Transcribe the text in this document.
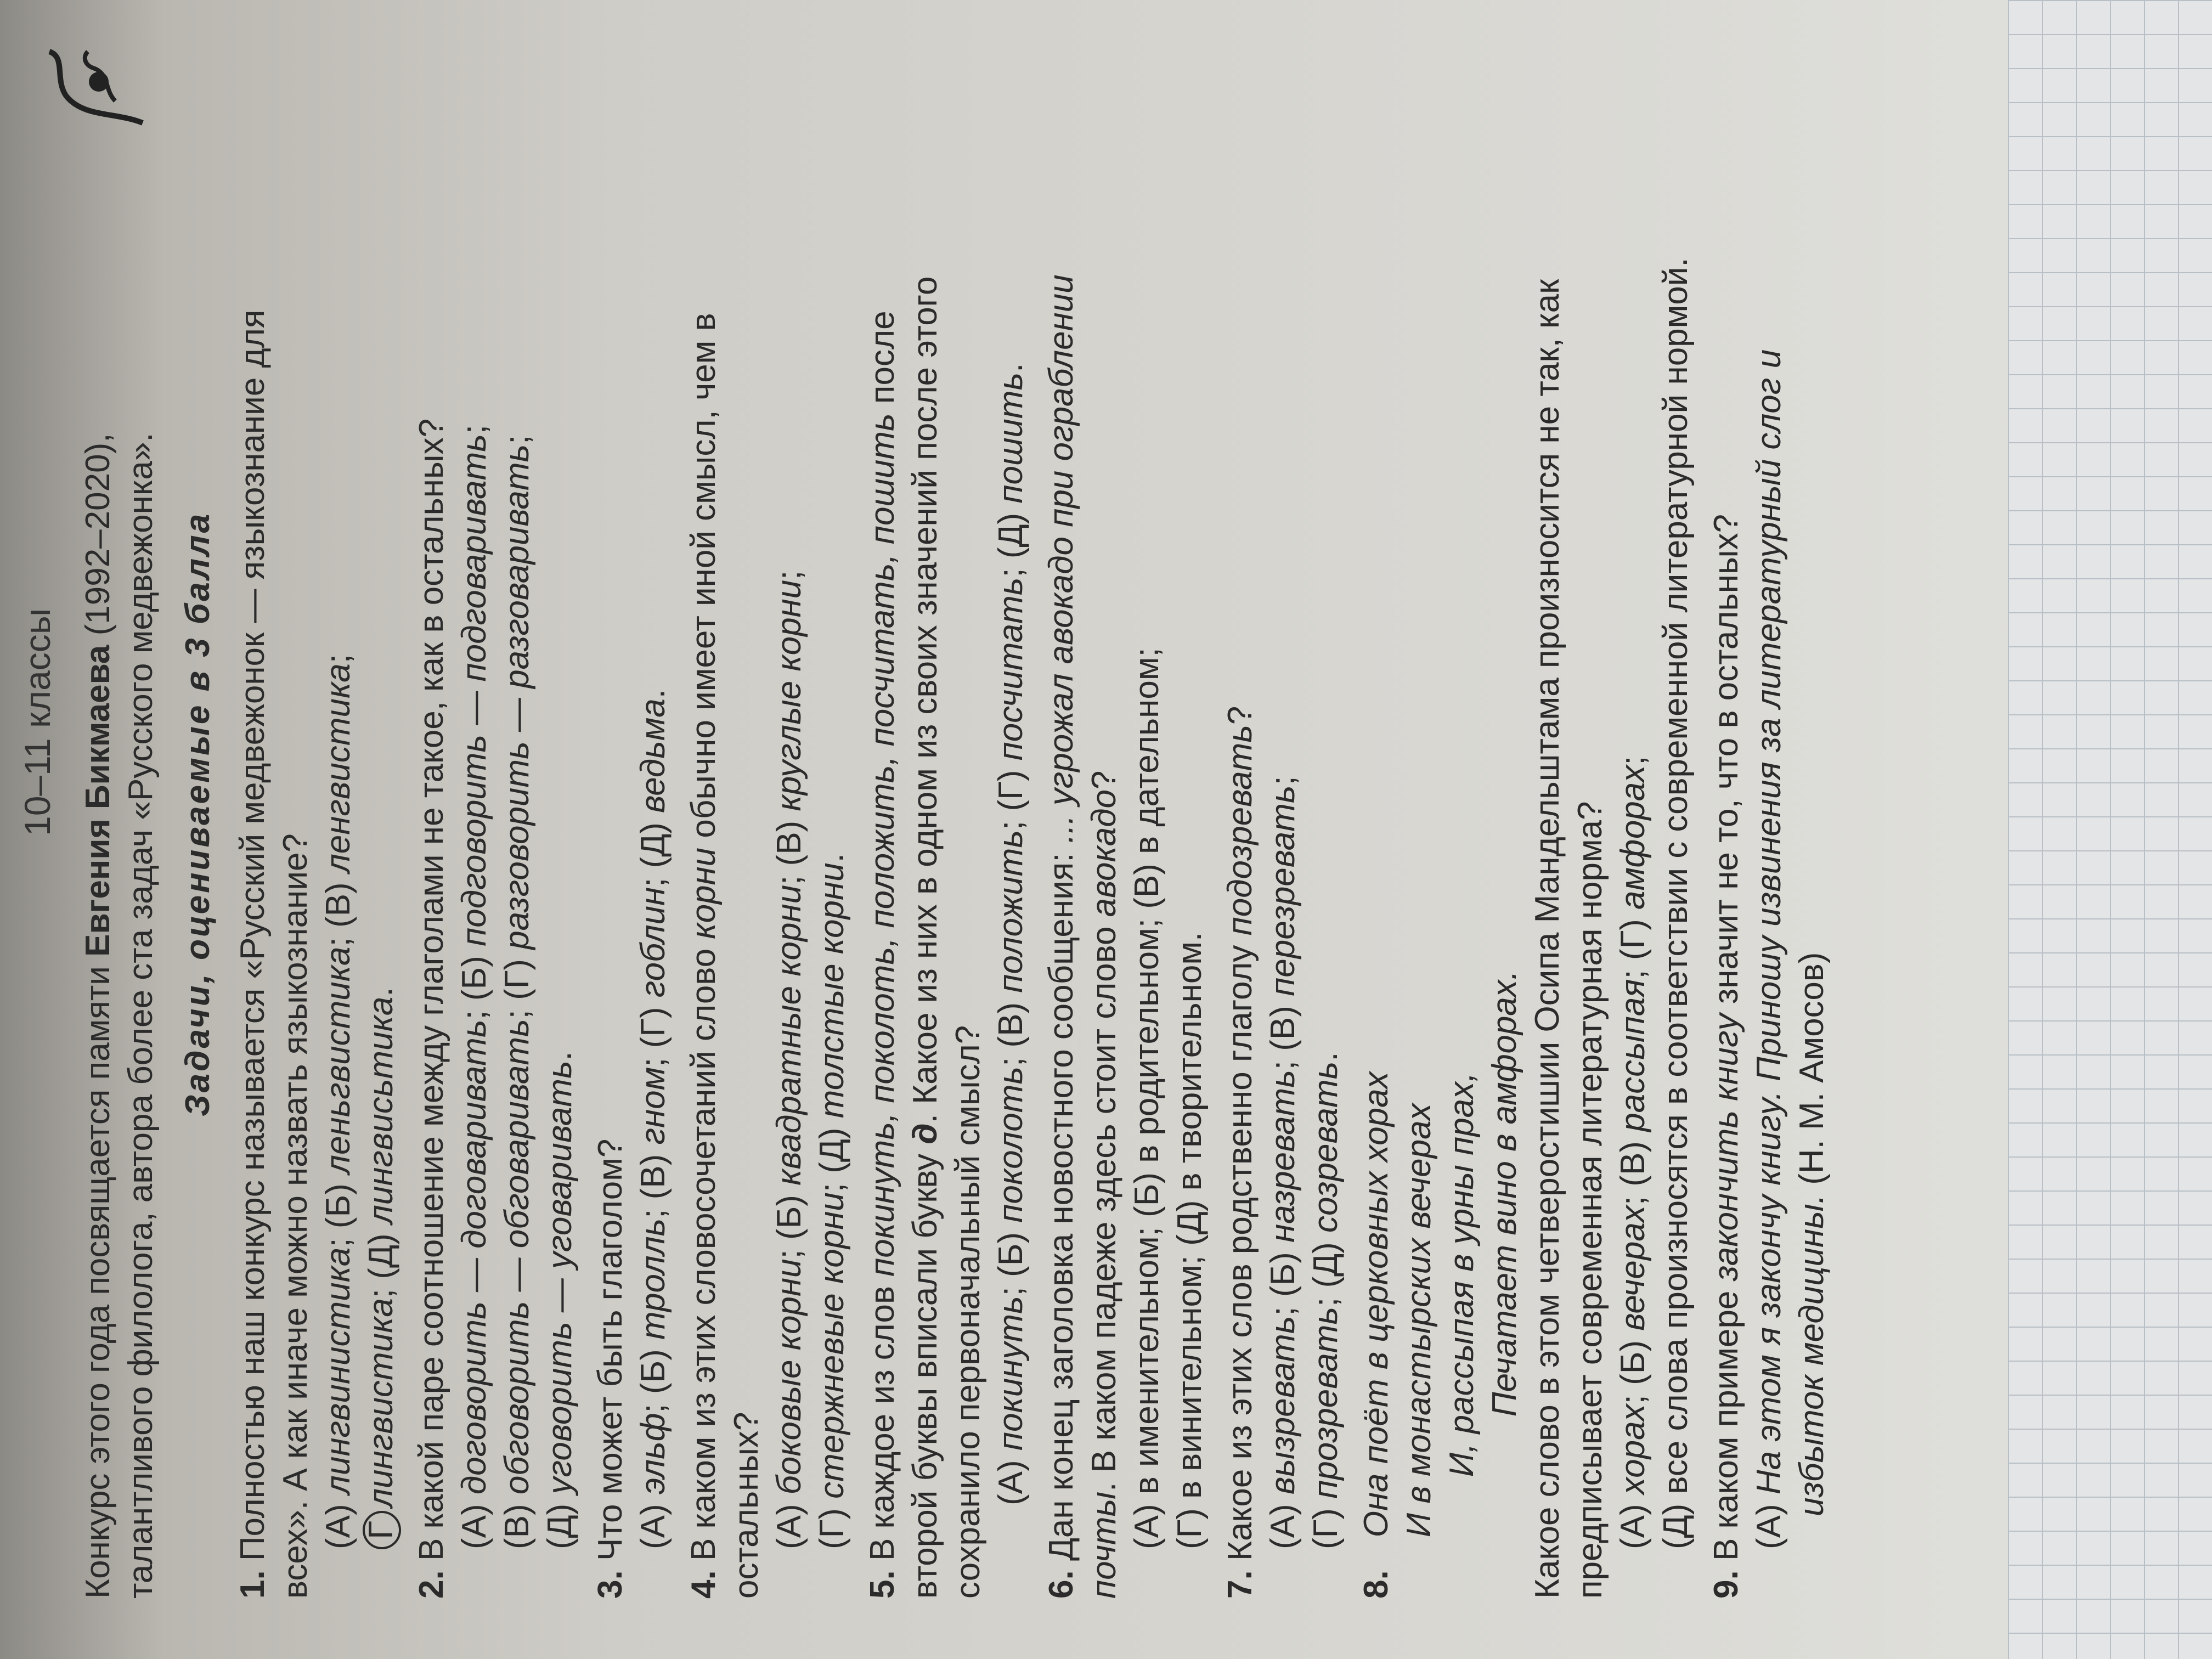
10–11 классы

Конкурс этого года посвящается памяти Евгения Бикмаева (1992–2020), талантливого филолога, автора более ста задач «Русского медвежонка». Задачи, оцениваемые в 3 балла
1. Полностью наш конкурс называется «Русский медвежонок — языкознание для всех». А как иначе можно назвать языкознание? (А) лингвинистика; (Б) леньгвистика; (В) ленгвистика;
Глингвистика; (Д) лингвисьтика.
2. В какой паре соотношение между глаголами не такое, как в остальных? (А) договорить — договаривать; (Б) подговорить — подговаривать;
(В) обговорить — обговаривать; (Г) разговорить — разговаривать;
(Д) уговорить — уговаривать.
3. Что может быть глаголом? (А) эльф; (Б) тролль; (В) гном; (Г) гоблин; (Д) ведьма.
4. В каком из этих словосочетаний слово корни обычно имеет иной смысл, чем в
остальных? (А) боковые корни; (Б) квадратные корни; (В) круглые корни;
(Г) стержневые корни; (Д) толстые корни.
5. В каждое из слов покинуть, поколоть, положить, посчитать, пошить после
второй буквы вписали букву д. Какое из них в одном из своих значений после этого
сохранило первоначальный смысл? (А) покинуть; (Б) поколоть; (В) положить; (Г) посчитать; (Д) пошить.
6. Дан конец заголовка новостного сообщения: ... угрожал авокадо при ограблении
почты. В каком падеже здесь стоит слово авокадо? (А) в именительном; (Б) в родительном; (В) в дательном; (Г) в винительном; (Д) в творительном.
7. Какое из этих слов родственно глаголу подозревать?
(А) вызревать; (Б) назревать; (В) перезревать;
(Г) прозревать; (Д) созревать.
8.
Она поёт в церковных хорах И в монастырских вечерах И, рассыпая в урны прах, Печатает вино в амфорах. Какое слово в этом четверостишии Осипа Мандельштама произносится не так, как предписывает современная литературная норма? (А) хорах; (Б) вечерах; (В) рассыпая; (Г) амфорах; (Д) все слова произносятся в соответствии с современной литературной нормой.
9. В каком примере закончить книгу значит не то, что в остальных?
(А) На этом я закончу книгу. Приношу извинения за литературный слог и избыток медицины. (Н. М. Амосов)
